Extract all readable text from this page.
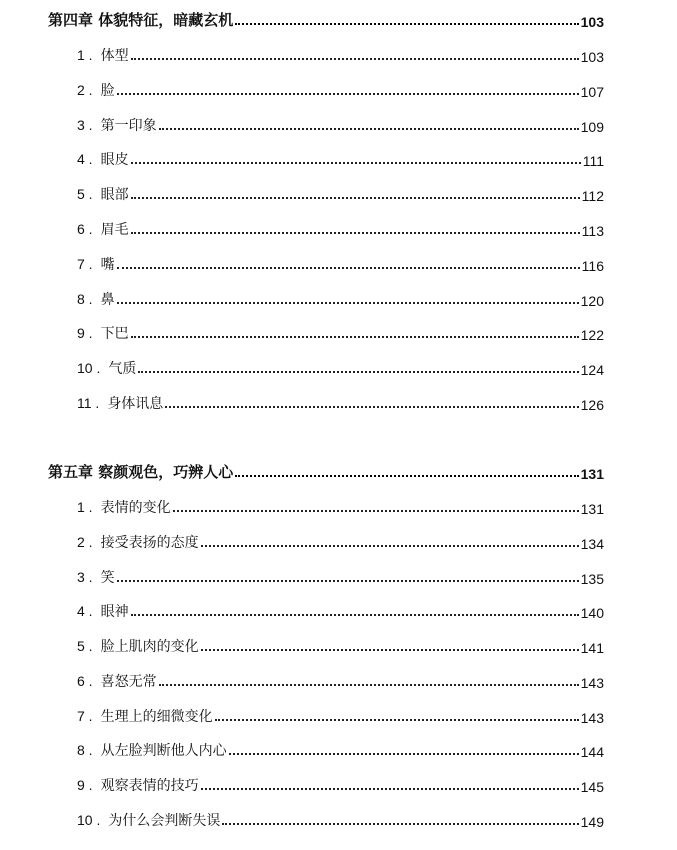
第四章 体貌特征，暗藏玄机	103
1 . 体型	103
2 . 脸	107
3 . 第一印象	109
4 . 眼皮	111
5 . 眼部	112
6 . 眉毛	113
7 . 嘴	116
8 . 鼻	120
9 . 下巴	122
10 . 气质	124
11 . 身体讯息	126
第五章 察颜观色，巧辨人心	131
1 . 表情的变化	131
2 . 接受表扬的态度	134
3 . 笑	135
4 . 眼神	140
5 . 脸上肌肉的变化	141
6 . 喜怒无常	143
7 . 生理上的细微变化	143
8 . 从左脸判断他人内心	144
9 . 观察表情的技巧	145
10 . 为什么会判断失误	149
